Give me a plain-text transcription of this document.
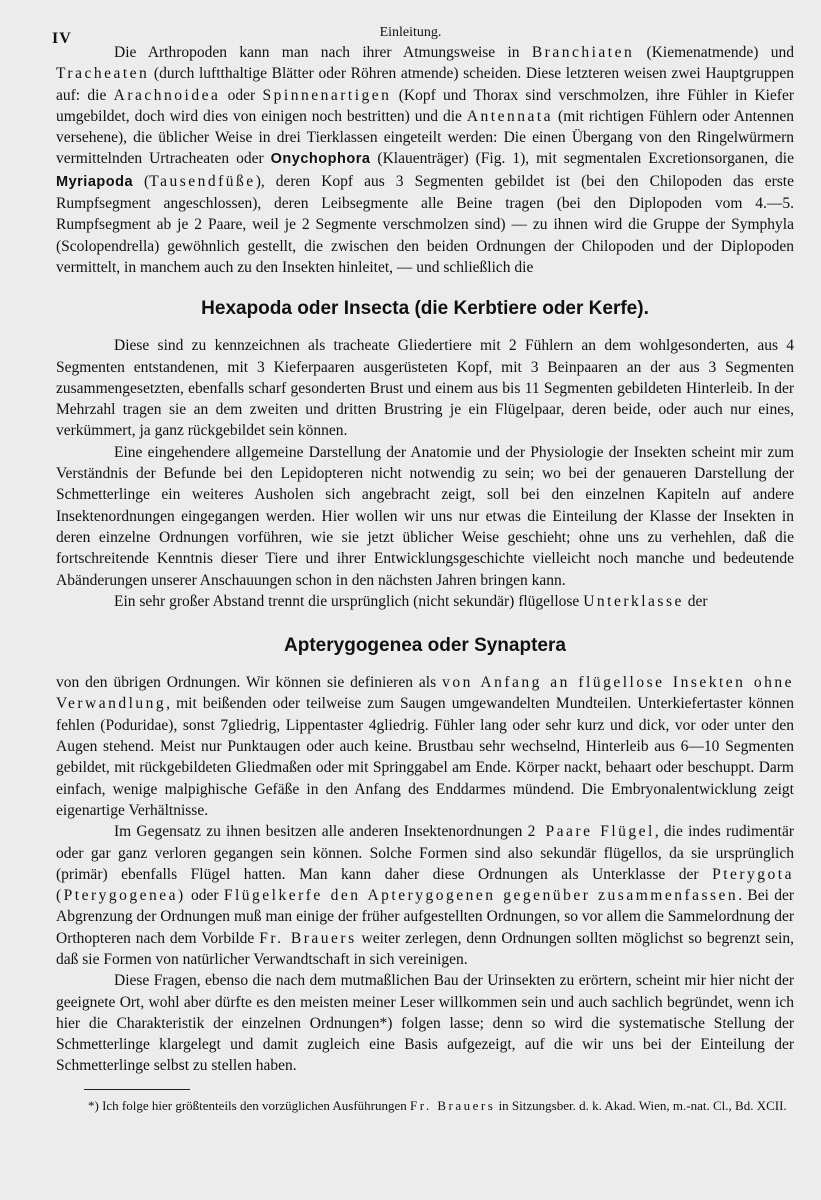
IV	Einleitung.

Die Arthropoden kann man nach ihrer Atmungsweise in Branchiaten (Kiemenatmende) und Tracheaten (durch luftthaltige Blätter oder Röhren atmende) scheiden. Diese letzteren weisen zwei Hauptgruppen auf: die Arachnoidea oder Spinnenartigen (Kopf und Thorax sind verschmolzen, ihre Fühler in Kiefer umgebildet, doch wird dies von einigen noch bestritten) und die Antennata (mit richtigen Fühlern oder Antennen versehene), die üblicher Weise in drei Tierklassen eingeteilt werden: Die einen Übergang von den Ringelwürmern vermittelnden Urtracheaten oder Onychophora (Klauenträger) (Fig. 1), mit segmentalen Excretionsorganen, die Myriapoda (Tausendfüße), deren Kopf aus 3 Segmenten gebildet ist (bei den Chilopoden das erste Rumpfsegment angeschlossen), deren Leibsegmente alle Beine tragen (bei den Diplopoden vom 4.—5. Rumpfsegment ab je 2 Paare, weil je 2 Segmente verschmolzen sind) — zu ihnen wird die Gruppe der Symphyla (Scolopendrella) gewöhnlich gestellt, die zwischen den beiden Ordnungen der Chilopoden und der Diplopoden vermittelt, in manchem auch zu den Insekten hinleitet, — und schließlich die

Hexapoda oder Insecta (die Kerbtiere oder Kerfe).

Diese sind zu kennzeichnen als tracheate Gliedertiere mit 2 Fühlern an dem wohlgesonderten, aus 4 Segmenten entstandenen, mit 3 Kieferpaaren ausgerüsteten Kopf, mit 3 Beinpaaren an der aus 3 Segmenten zusammengesetzten, ebenfalls scharf gesonderten Brust und einem aus bis 11 Segmenten gebildeten Hinterleib. In der Mehrzahl tragen sie an dem zweiten und dritten Brustring je ein Flügelpaar, deren beide, oder auch nur eines, verkümmert, ja ganz rückgebildet sein können.

Eine eingehendere allgemeine Darstellung der Anatomie und der Physiologie der Insekten scheint mir zum Verständnis der Befunde bei den Lepidopteren nicht notwendig zu sein; wo bei der genaueren Darstellung der Schmetterlinge ein weiteres Ausholen sich angebracht zeigt, soll bei den einzelnen Kapiteln auf andere Insektenordnungen eingegangen werden. Hier wollen wir uns nur etwas die Einteilung der Klasse der Insekten in deren einzelne Ordnungen vorführen, wie sie jetzt üblicher Weise geschieht; ohne uns zu verhehlen, daß die fortschreitende Kenntnis dieser Tiere und ihrer Entwicklungsgeschichte vielleicht noch manche und bedeutende Abänderungen unserer Anschauungen schon in den nächsten Jahren bringen kann.

Ein sehr großer Abstand trennt die ursprünglich (nicht sekundär) flügellose Unterklasse der

Apterygogenea oder Synaptera

von den übrigen Ordnungen. Wir können sie definieren als von Anfang an flügellose Insekten ohne Verwandlung, mit beißenden oder teilweise zum Saugen umgewandelten Mundteilen. Unterkiefertaster können fehlen (Poduridae), sonst 7gliedrig, Lippentaster 4gliedrig. Fühler lang oder sehr kurz und dick, vor oder unter den Augen stehend. Meist nur Punktaugen oder auch keine. Brustbau sehr wechselnd, Hinterleib aus 6—10 Segmenten gebildet, mit rückgebildeten Gliedmaßen oder mit Springgabel am Ende. Körper nackt, behaart oder beschuppt. Darm einfach, wenige malpighische Gefäße in den Anfang des Enddarmes mündend. Die Embryonalentwicklung zeigt eigenartige Verhältnisse.

Im Gegensatz zu ihnen besitzen alle anderen Insektenordnungen 2 Paare Flügel, die indes rudimentär oder gar ganz verloren gegangen sein können. Solche Formen sind also sekundär flügellos, da sie ursprünglich (primär) ebenfalls Flügel hatten. Man kann daher diese Ordnungen als Unterklasse der Pterygota (Pterygogenea) oder Flügelkerfe den Apterygogenen gegenüber zusammenfassen. Bei der Abgrenzung der Ordnungen muß man einige der früher aufgestellten Ordnungen, so vor allem die Sammelordnung der Orthopteren nach dem Vorbilde Fr. Brauers weiter zerlegen, denn Ordnungen sollten möglichst so begrenzt sein, daß sie Formen von natürlicher Verwandtschaft in sich vereinigen.

Diese Fragen, ebenso die nach dem mutmaßlichen Bau der Urinsekten zu erörtern, scheint mir hier nicht der geeignete Ort, wohl aber dürfte es den meisten meiner Leser willkommen sein und auch sachlich begründet, wenn ich hier die Charakteristik der einzelnen Ordnungen*) folgen lasse; denn so wird die systematische Stellung der Schmetterlinge klargelegt und damit zugleich eine Basis aufgezeigt, auf die wir uns bei der Einteilung der Schmetterlinge selbst zu stellen haben.

*) Ich folge hier größtenteils den vorzüglichen Ausführungen Fr. Brauers in Sitzungsber. d. k. Akad. Wien, m.-nat. Cl., Bd. XCII.
